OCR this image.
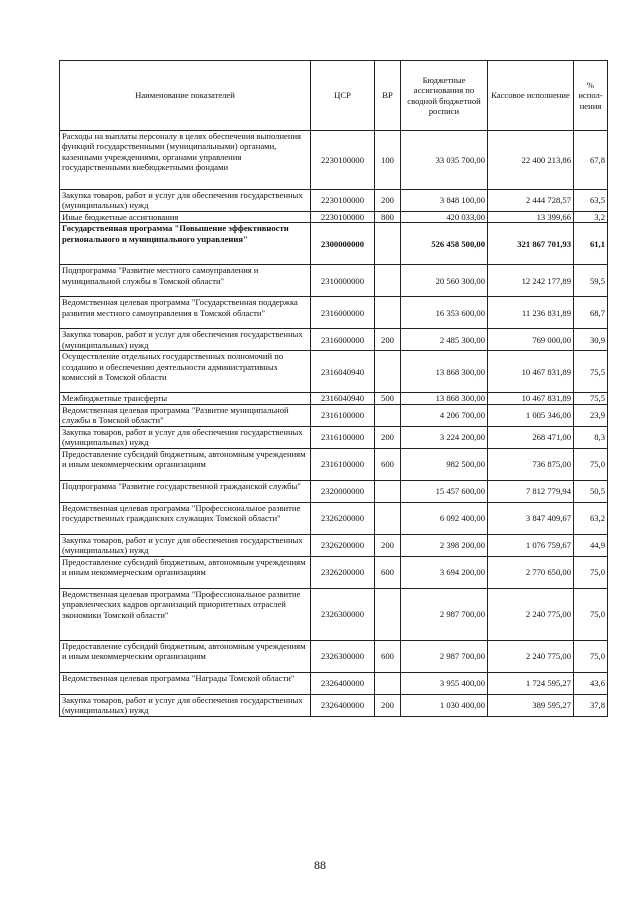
Наименование показателей	ЦСР	ВР	Бюджетные ассигнования по сводной бюджетной росписи	Кассовое исполнение	% испол-нения
Расходы на выплаты персоналу в целях обеспечения выполнения функций государственными (муниципальными) органами, казенными учреждениями, органами управления государственными внебюджетными фондами	2230100000	100	33 035 700,00	22 400 213,86	67,8
Закупка товаров, работ и услуг для обеспечения государственных (муниципальных) нужд	2230100000	200	3 848 100,00	2 444 728,57	63,5
Иные бюджетные ассигнования	2230100000	800	420 033,00	13 399,66	3,2
Государственная программа "Повышение эффективности регионального и муниципального управления"	2300000000		526 458 500,00	321 867 701,93	61,1
Подпрограмма "Развитие местного самоуправления и муниципальной службы в Томской области"	2310000000		20 560 300,00	12 242 177,89	59,5
Ведомственная целевая программа "Государственная поддержка развития местного самоуправления в Томской области"	2316000000		16 353 600,00	11 236 831,89	68,7
Закупка товаров, работ и услуг для обеспечения государственных (муниципальных) нужд	2316000000	200	2 485 300,00	769 000,00	30,9
Осуществление отдельных государственных полномочий по созданию и обеспечению деятельности административных комиссий в Томской области	2316040940		13 868 300,00	10 467 831,89	75,5
Межбюджетные трансферты	2316040940	500	13 868 300,00	10 467 831,89	75,5
Ведомственная целевая программа "Развитие муниципальной службы в Томской области"	2316100000		4 206 700,00	1 005 346,00	23,9
Закупка товаров, работ и услуг для обеспечения государственных (муниципальных) нужд	2316100000	200	3 224 200,00	268 471,00	8,3
Предоставление субсидий бюджетным, автономным учреждениям и иным некоммерческим организациям	2316100000	600	982 500,00	736 875,00	75,0
Подпрограмма "Развитие государственной гражданской службы"	2320000000		15 457 600,00	7 812 779,94	50,5
Ведомственная целевая программа "Профессиональное развитие государственных гражданских служащих Томской области"	2326200000		6 092 400,00	3 847 409,67	63,2
Закупка товаров, работ и услуг для обеспечения государственных (муниципальных) нужд	2326200000	200	2 398 200,00	1 076 759,67	44,9
Предоставление субсидий бюджетным, автономным учреждениям и иным некоммерческим организациям	2326200000	600	3 694 200,00	2 770 650,00	75,0
Ведомственная целевая программа "Профессиональное развитие управленческих кадров организаций приоритетных отраслей экономики Томской области"	2326300000		2 987 700,00	2 240 775,00	75,0
Предоставление субсидий бюджетным, автономным учреждениям и иным некоммерческим организациям	2326300000	600	2 987 700,00	2 240 775,00	75,0
Ведомственная целевая программа "Награды Томской области"	2326400000		3 955 400,00	1 724 595,27	43,6
Закупка товаров, работ и услуг для обеспечения государственных (муниципальных) нужд	2326400000	200	1 030 400,00	389 595,27	37,8
88
